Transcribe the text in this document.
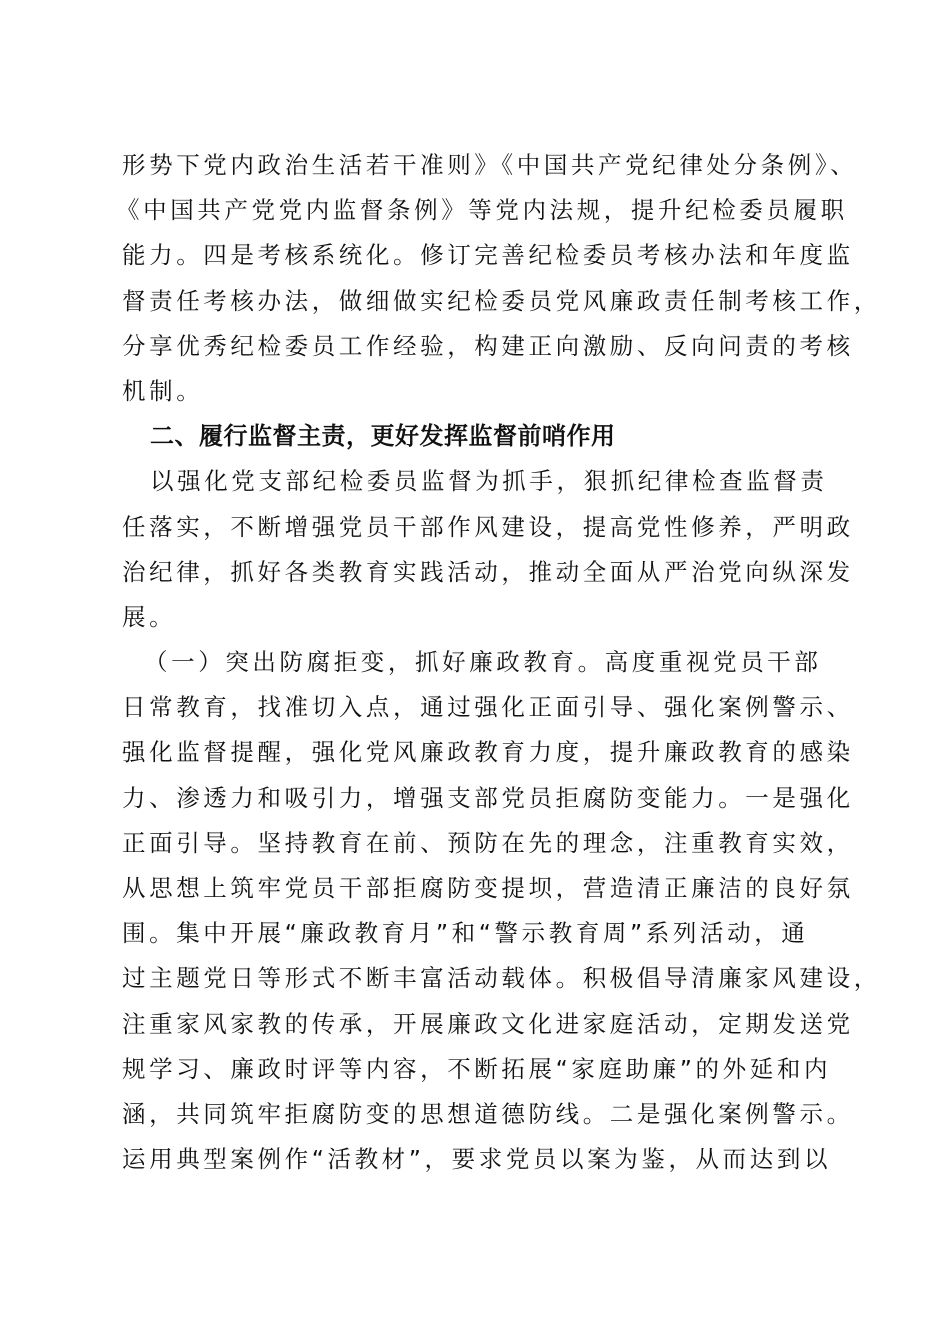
形势下党内政治生活若干准则》《中国共产党纪律处分条例》、
《中国共产党党内监督条例》等党内法规，提升纪检委员履职
能力。四是考核系统化。修订完善纪检委员考核办法和年度监
督责任考核办法，做细做实纪检委员党风廉政责任制考核工作，
分享优秀纪检委员工作经验，构建正向激励、反向问责的考核
机制。
二、履行监督主责，更好发挥监督前哨作用
以强化党支部纪检委员监督为抓手，狠抓纪律检查监督责
任落实，不断增强党员干部作风建设，提高党性修养，严明政
治纪律，抓好各类教育实践活动，推动全面从严治党向纵深发
展。
（一）突出防腐拒变，抓好廉政教育。高度重视党员干部
日常教育，找准切入点，通过强化正面引导、强化案例警示、
强化监督提醒，强化党风廉政教育力度，提升廉政教育的感染
力、渗透力和吸引力，增强支部党员拒腐防变能力。一是强化
正面引导。坚持教育在前、预防在先的理念，注重教育实效，
从思想上筑牢党员干部拒腐防变提坝，营造清正廉洁的良好氛
围。集中开展“廉政教育月”和“警示教育周”系列活动，通
过主题党日等形式不断丰富活动载体。积极倡导清廉家风建设，
注重家风家教的传承，开展廉政文化进家庭活动，定期发送党
规学习、廉政时评等内容，不断拓展“家庭助廉”的外延和内
涵，共同筑牢拒腐防变的思想道德防线。二是强化案例警示。
运用典型案例作“活教材”，要求党员以案为鉴，从而达到以
